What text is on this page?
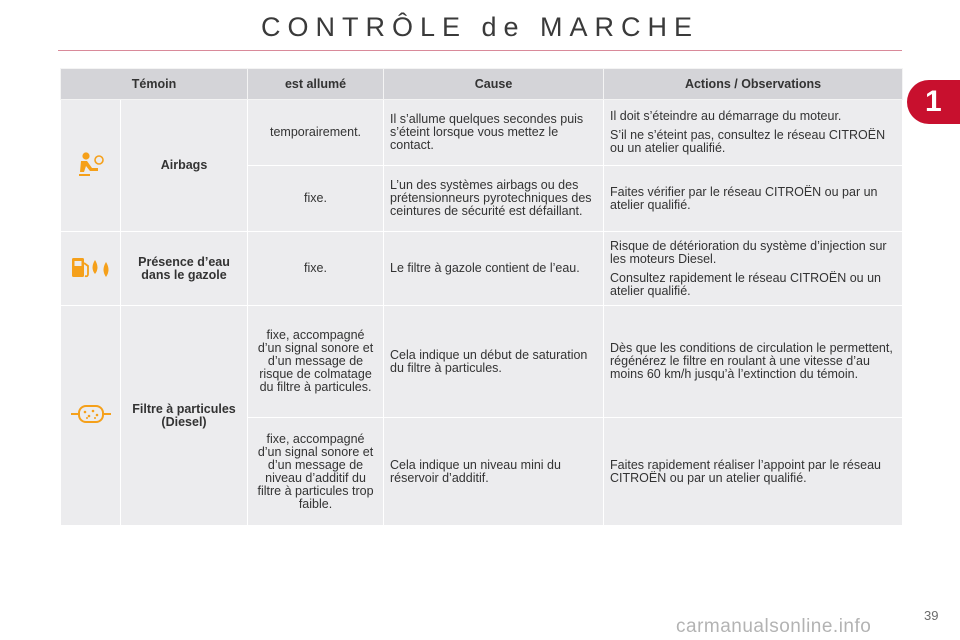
CONTRÔLE de MARCHE
1
Témoin		est allumé	Cause	Actions / Observations
	Airbags	temporairement.	Il s’allume quelques secondes puis s’éteint lorsque vous mettez le contact.	Il doit s’éteindre au démarrage du moteur.

S’il ne s’éteint pas, consultez le réseau CITROËN ou un atelier qualifié.

		fixe.	L’un des systèmes airbags ou des prétensionneurs pyrotechniques des ceintures de sécurité est défaillant.	Faites vérifier par le réseau CITROËN ou par un atelier qualifié.

	Présence d’eau dans le gazole	fixe.	Le filtre à gazole contient de l’eau.	Risque de détérioration du système d’injection sur les moteurs Diesel.

Consultez rapidement le réseau CITROËN ou un atelier qualifié.

	Filtre à particules (Diesel)	fixe, accompagné d’un signal sonore et d’un message de risque de colmatage du filtre à particules.	Cela indique un début de saturation du filtre à particules.	Dès que les conditions de circulation le permettent, régénérez le filtre en roulant à une vitesse d’au moins 60 km/h jusqu’à l’extinction du témoin.

		fixe, accompagné d’un signal sonore et d’un message de niveau d’additif du filtre à particules trop faible.	Cela indique un niveau mini du réservoir d’additif.	Faites rapidement réaliser l’appoint par le réseau CITROËN ou par un atelier qualifié.

39
carmanualsonline.info
